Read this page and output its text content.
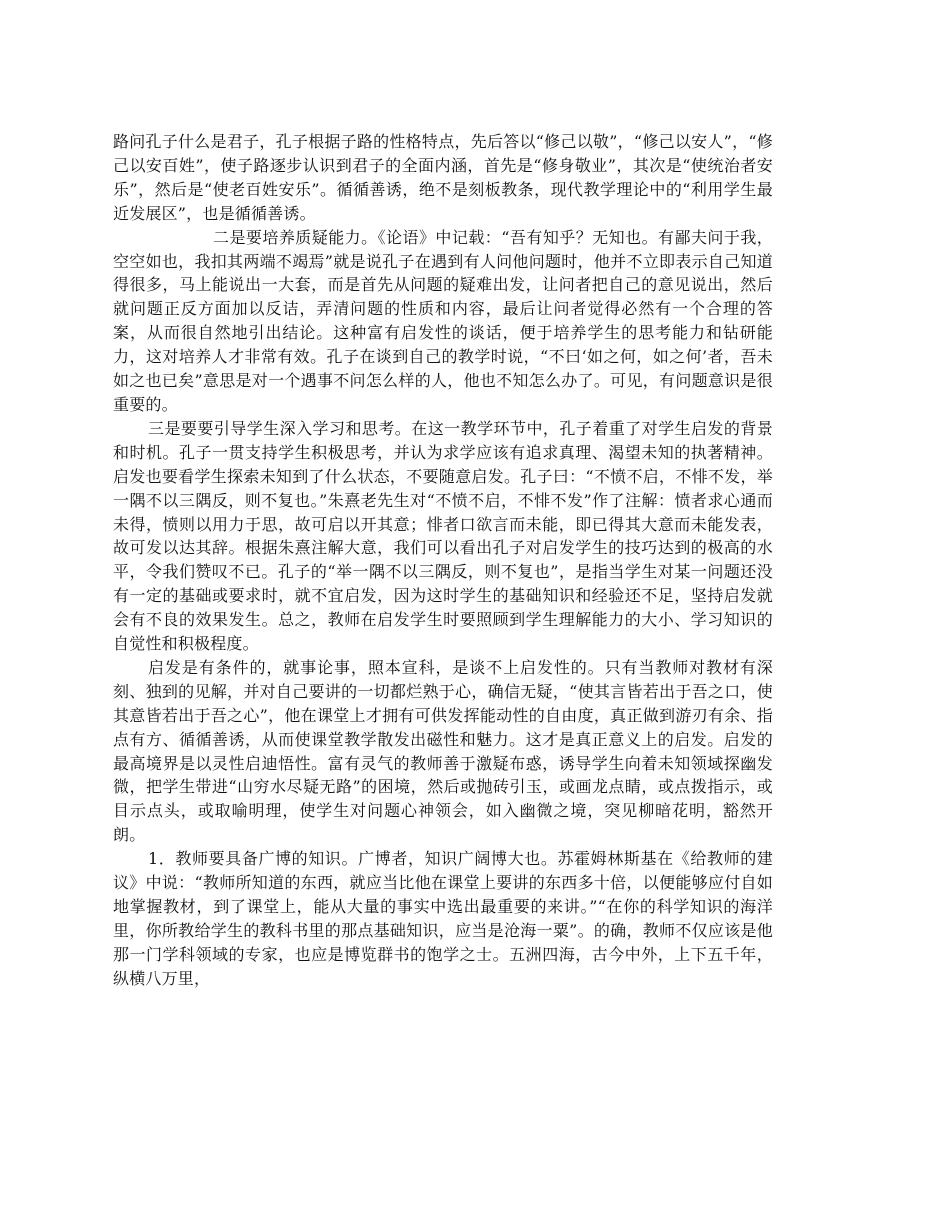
路问孔子什么是君子，孔子根据子路的性格特点，先后答以“修己以敬”，“修己以安人”，“修己以安百姓”，使子路逐步认识到君子的全面内涵，首先是“修身敬业”，其次是“使统治者安乐”，然后是“使老百姓安乐”。循循善诱，绝不是刻板教条，现代教学理论中的“利用学生最近发展区”，也是循循善诱。

二是要培养质疑能力。《论语》中记载：“吾有知乎？无知也。有鄙夫问于我，空空如也，我扣其两端不竭焉”就是说孔子在遇到有人问他问题时，他并不立即表示自己知道得很多，马上能说出一大套，而是首先从问题的疑难出发，让问者把自己的意见说出，然后就问题正反方面加以反诘，弄清问题的性质和内容，最后让问者觉得必然有一个合理的答案，从而很自然地引出结论。这种富有启发性的谈话，便于培养学生的思考能力和钻研能力，这对培养人才非常有效。孔子在谈到自己的教学时说，“不曰‘如之何，如之何’者，吾未如之也已矣”意思是对一个遇事不问怎么样的人，他也不知怎么办了。可见，有问题意识是很重要的。

三是要要引导学生深入学习和思考。在这一教学环节中，孔子着重了对学生启发的背景和时机。孔子一贯支持学生积极思考，并认为求学应该有追求真理、渴望未知的执著精神。启发也要看学生探索未知到了什么状态，不要随意启发。孔子曰：“不愤不启，不悱不发，举一隅不以三隅反，则不复也。”朱熹老先生对“不愤不启，不悱不发”作了注解：愤者求心通而未得，愤则以用力于思，故可启以开其意；悱者口欲言而未能，即已得其大意而未能发表，故可发以达其辞。根据朱熹注解大意，我们可以看出孔子对启发学生的技巧达到的极高的水平，令我们赞叹不已。孔子的“举一隅不以三隅反，则不复也”，是指当学生对某一问题还没有一定的基础或要求时，就不宜启发，因为这时学生的基础知识和经验还不足，坚持启发就会有不良的效果发生。总之，教师在启发学生时要照顾到学生理解能力的大小、学习知识的自觉性和积极程度。

启发是有条件的，就事论事，照本宣科，是谈不上启发性的。只有当教师对教材有深刻、独到的见解，并对自己要讲的一切都烂熟于心，确信无疑，“使其言皆若出于吾之口，使其意皆若出于吾之心”，他在课堂上才拥有可供发挥能动性的自由度，真正做到游刃有余、指点有方、循循善诱，从而使课堂教学散发出磁性和魅力。这才是真正意义上的启发。启发的最高境界是以灵性启迪悟性。富有灵气的教师善于激疑布惑，诱导学生向着未知领域探幽发微，把学生带进“山穷水尽疑无路”的困境，然后或抛砖引玉，或画龙点睛，或点拨指示，或目示点头，或取喻明理，使学生对问题心神领会，如入幽微之境，突见柳暗花明，豁然开朗。

1．教师要具备广博的知识。广博者，知识广阔博大也。苏霍姆林斯基在《给教师的建议》中说：“教师所知道的东西，就应当比他在课堂上要讲的东西多十倍，以便能够应付自如地掌握教材，到了课堂上，能从大量的事实中选出最重要的来讲。”“在你的科学知识的海洋里，你所教给学生的教科书里的那点基础知识，应当是沧海一粟”。的确，教师不仅应该是他那一门学科领域的专家，也应是博览群书的饱学之士。五洲四海，古今中外，上下五千年，纵横八万里，
